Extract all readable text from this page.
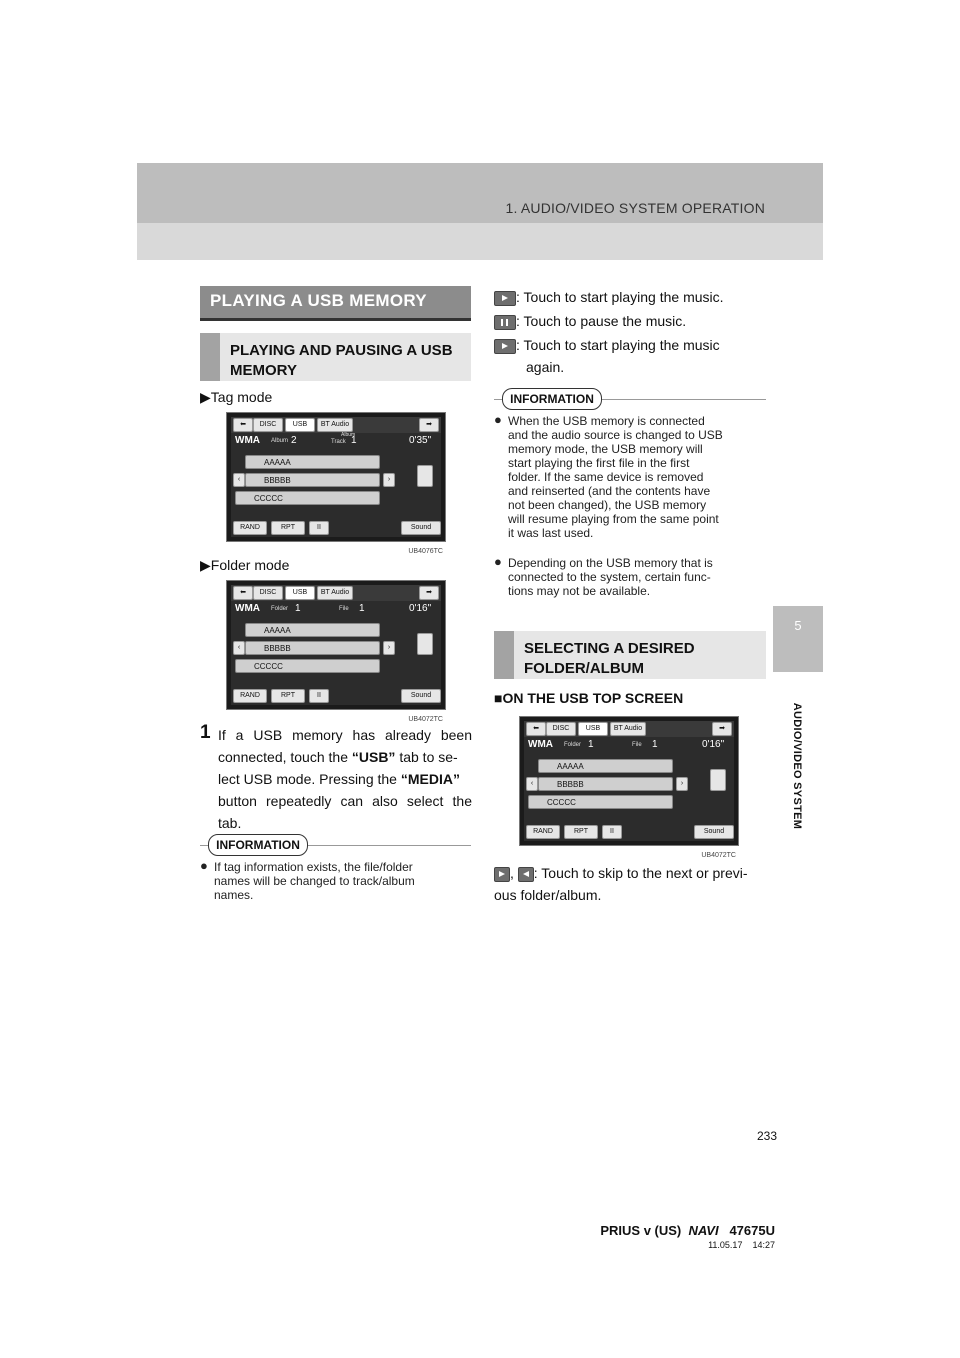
1. AUDIO/VIDEO SYSTEM OPERATION
5
AUDIO/VIDEO SYSTEM
PLAYING A USB MEMORY
PLAYING AND PAUSING A USB
MEMORY
▶Tag mode
⬅	DISC	USB	BT Audio	➡
WMA Album 2	Album
Track 1	0'35"
AAAAA
‹	BBBBB	›
CCCCC
RAND	RPT	II	Sound
UB4076TC
▶Folder mode
⬅	DISC	USB	BT Audio	➡
WMA Folder 1	File 1	0'16"
AAAAA
‹	BBBBB	›
CCCCC
RAND	RPT	II	Sound
UB4072TC
1 If a USB memory has already been
connected, touch the “USB” tab to se-
lect USB mode. Pressing the “MEDIA”
button repeatedly can also select the
tab.
INFORMATION
● If tag information exists, the file/folder
names will be changed to track/album
names.
: Touch to start playing the music.
: Touch to pause the music.
: Touch to start playing the music
again.
INFORMATION
● When the USB memory is connected
and the audio source is changed to USB
memory mode, the USB memory will
start playing the first file in the first
folder. If the same device is removed
and reinserted (and the contents have
not been changed), the USB memory
will resume playing from the same point
it was last used.
● Depending on the USB memory that is
connected to the system, certain func-
tions may not be available.
SELECTING A DESIRED
FOLDER/ALBUM
■ON THE USB TOP SCREEN
⬅	DISC	USB	BT Audio	➡
WMA Folder 1	File 1	0'16"
AAAAA
‹	BBBBB	›
CCCCC
RAND	RPT	II	Sound
UB4072TC
,
: Touch to skip to the next or previ-
ous folder/album.
233
PRIUS v (US) NAVI 47675U
11.05.17 14:27
